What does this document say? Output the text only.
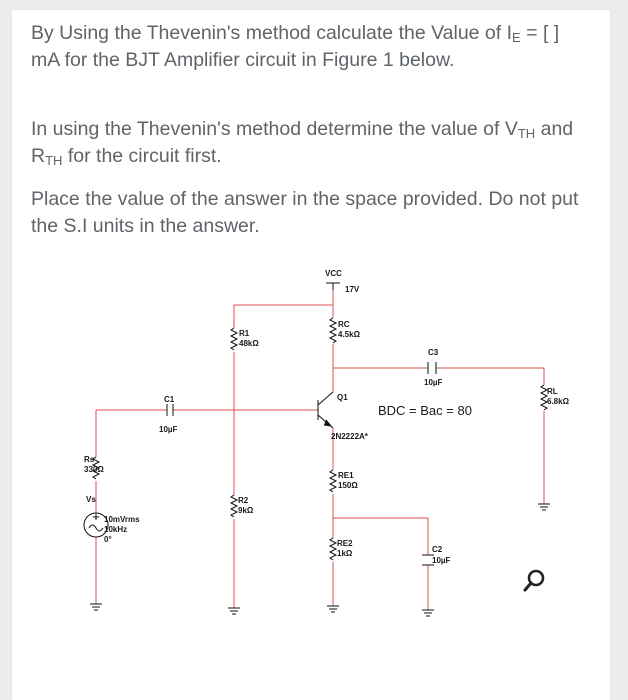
By Using the Thevenin's method calculate the Value of $I_E$ = [ ] mA for the BJT Amplifier circuit in Figure 1 below.
In using the Thevenin's method determine the value of $V_{TH}$ and $R_{TH}$ for the circuit first.
Place the value of the answer in the space provided. Do not put the S.I units in the answer.
VCC
17V
RC
4.5kΩ
R1
48kΩ
C3
10µF
RL
6.8kΩ
Q1
2N2222A*
BDC = Bac = 80
C1
10µF
Rs
330Ω
RE1
150Ω
R2
9kΩ
RE2
1kΩ	C2
10µF
Vs
10mVrms
10kHz
0°
